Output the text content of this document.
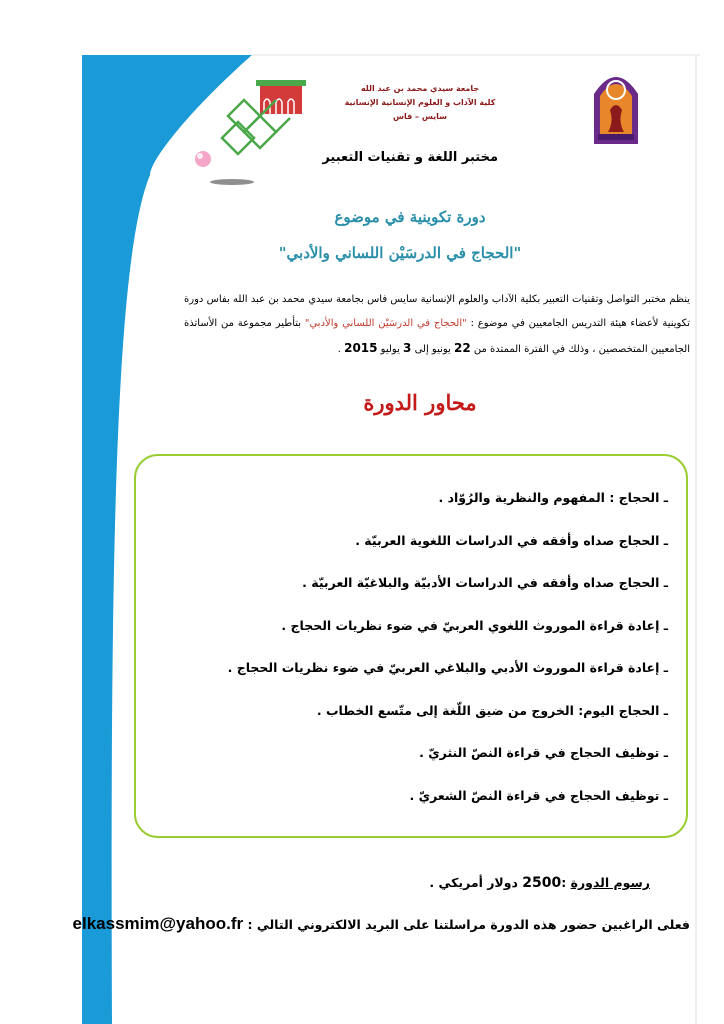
جامعة سيدي محمد بن عبد الله
كلية الآداب و العلوم الإنسانية الإنسانية
سايس – فاس
مختبر اللغة و تقنيات التعبير
دورة تكوينية في موضوع
"الحجاج في الدرسَيْن اللساني والأدبي"
ينظم مختبر التواصل وتقنيات التعبير بكلية الآداب والعلوم الإنسانية سايس فاس بجامعة سيدي محمد بن عبد الله بفاس دورة تكوينية لأعضاء هيئة التدريس الجامعيين في موضوع : "الحجاج في الدرسَيْن اللساني والأدبي" بتأطير مجموعة من الأساتذة الجامعيين المتخصصين ، وذلك في الفترة الممتدة من 22 يونيو إلى 3 يوليو 2015 .
محاور الدورة
ـ الحجاج : المفهوم والنظرية والرُوّاد .
ـ الحجاج صداه وأفقه في الدراسات اللغوية العربيّة .
ـ الحجاج صداه وأفقه في الدراسات الأدبيّة والبلاغيّة العربيّة .
ـ إعادة قراءة الموروث اللغوي العربيّ في ضوء نظريات الحجاج .
ـ إعادة قراءة الموروث الأدبي والبلاغي العربيّ في ضوء نظريات الحجاج .
ـ الحجاج اليوم: الخروج من ضيق اللّغة إلى متّسع الخطاب .
ـ توظيف الحجاج في قراءة النصّ النثريّ .
ـ توظيف الحجاج في قراءة النصّ الشعريّ .
رسوم الدورة :2500 دولار أمريكي .
فعلى الراغبين حضور هذه الدورة مراسلتنا على البريد الالكتروني التالي : elkassmim@yahoo.fr
